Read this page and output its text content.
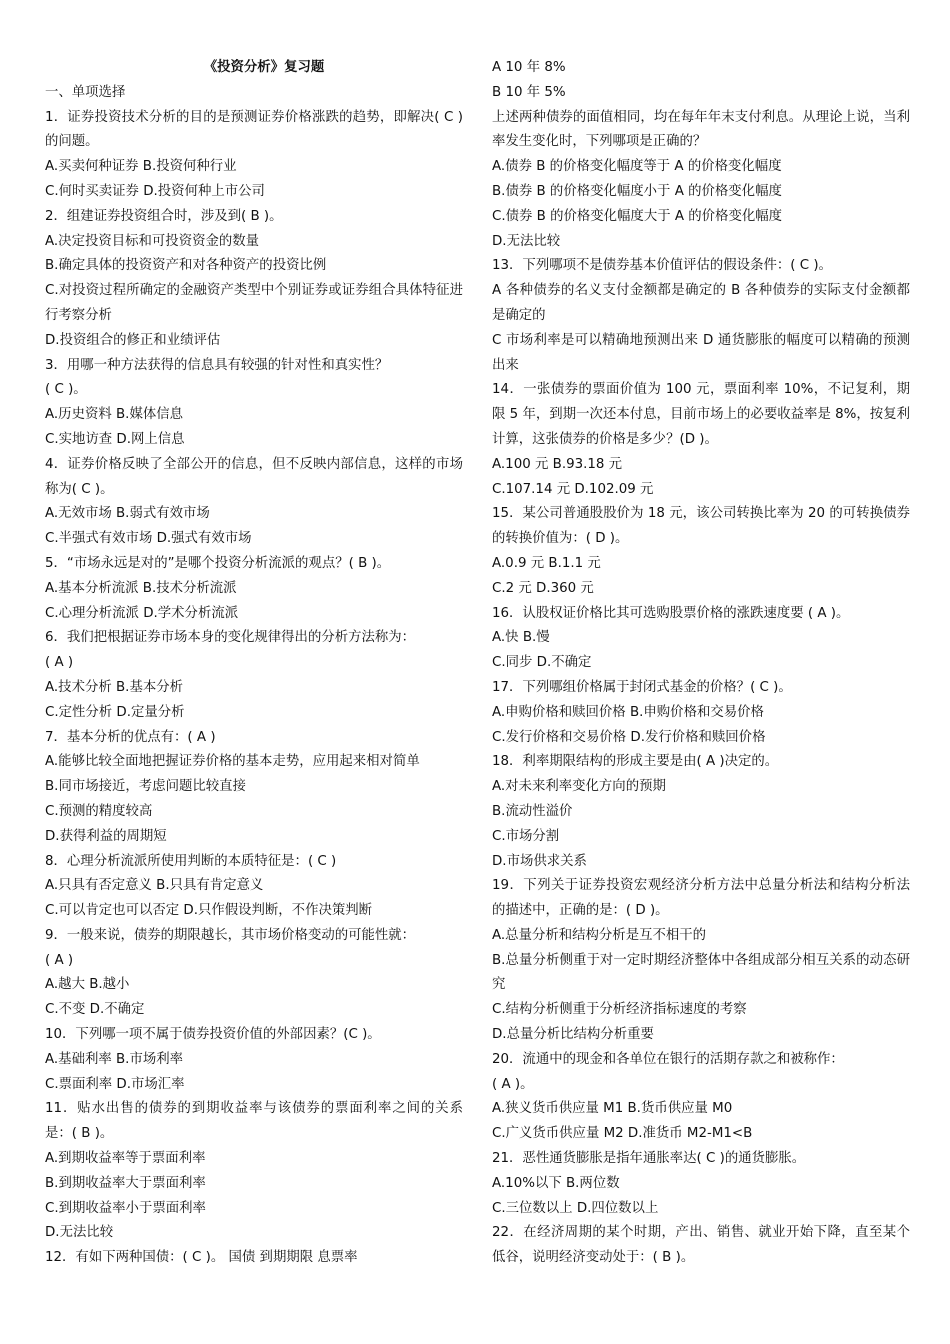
《投资分析》复习题

一、单项选择

1．证券投资技术分析的目的是预测证券价格涨跌的趋势，即解决( C )的问题。

A.买卖何种证券 B.投资何种行业

C.何时买卖证券 D.投资何种上市公司

2．组建证券投资组合时，涉及到( B )。

A.决定投资目标和可投资资金的数量

B.确定具体的投资资产和对各种资产的投资比例

C.对投资过程所确定的金融资产类型中个别证券或证券组合具体特征进行考察分析

D.投资组合的修正和业绩评估

3．用哪一种方法获得的信息具有较强的针对性和真实性？

( C )。

A.历史资料 B.媒体信息

C.实地访查 D.网上信息

4．证券价格反映了全部公开的信息，但不反映内部信息，这样的市场称为( C )。

A.无效市场 B.弱式有效市场

C.半强式有效市场 D.强式有效市场

5．“市场永远是对的”是哪个投资分析流派的观点？( B )。

A.基本分析流派 B.技术分析流派

C.心理分析流派 D.学术分析流派

6．我们把根据证券市场本身的变化规律得出的分析方法称为：

( A )

A.技术分析 B.基本分析

C.定性分析 D.定量分析

7．基本分析的优点有：( A )

A.能够比较全面地把握证券价格的基本走势，应用起来相对简单

B.同市场接近，考虑问题比较直接

C.预测的精度较高

D.获得利益的周期短

8．心理分析流派所使用判断的本质特征是：( C )

A.只具有否定意义 B.只具有肯定意义

C.可以肯定也可以否定 D.只作假设判断，不作决策判断

9．一般来说，债券的期限越长，其市场价格变动的可能性就：

( A )

A.越大 B.越小

C.不变 D.不确定

10．下列哪一项不属于债券投资价值的外部因素？(C )。

A.基础利率 B.市场利率

C.票面利率 D.市场汇率

11．贴水出售的债券的到期收益率与该债券的票面利率之间的关系是：( B )。

A.到期收益率等于票面利率

B.到期收益率大于票面利率

C.到期收益率小于票面利率

D.无法比较

12．有如下两种国债：( C )。 国债 到期期限 息票率

A 10 年 8%

B 10 年 5%

上述两种债券的面值相同，均在每年年末支付利息。从理论上说，当利率发生变化时，下列哪项是正确的？

A.债券 B 的价格变化幅度等于 A 的价格变化幅度

B.债券 B 的价格变化幅度小于 A 的价格变化幅度

C.债券 B 的价格变化幅度大于 A 的价格变化幅度

D.无法比较

13．下列哪项不是债券基本价值评估的假设条件：( C )。

A 各种债券的名义支付金额都是确定的 B 各种债券的实际支付金额都是确定的

C 市场利率是可以精确地预测出来 D 通货膨胀的幅度可以精确的预测出来

14．一张债券的票面价值为 100 元，票面利率 10%，不记复利，期限 5 年，到期一次还本付息，目前市场上的必要收益率是 8%，按复利计算，这张债券的价格是多少？(D )。

A.100 元 B.93.18 元

C.107.14 元 D.102.09 元

15．某公司普通股股价为 18 元，该公司转换比率为 20 的可转换债券的转换价值为：( D )。

A.0.9 元 B.1.1 元

C.2 元 D.360 元

16．认股权证价格比其可选购股票价格的涨跌速度要 ( A )。

A.快 B.慢

C.同步 D.不确定

17．下列哪组价格属于封闭式基金的价格？( C )。

A.申购价格和赎回价格 B.申购价格和交易价格

C.发行价格和交易价格 D.发行价格和赎回价格

18．利率期限结构的形成主要是由( A )决定的。

A.对未来利率变化方向的预期

B.流动性溢价

C.市场分割

D.市场供求关系

19．下列关于证券投资宏观经济分析方法中总量分析法和结构分析法的描述中，正确的是：( D )。

A.总量分析和结构分析是互不相干的

B.总量分析侧重于对一定时期经济整体中各组成部分相互关系的动态研究

C.结构分析侧重于分析经济指标速度的考察

D.总量分析比结构分析重要

20．流通中的现金和各单位在银行的活期存款之和被称作：

( A )。

A.狭义货币供应量 M1 B.货币供应量 M0

C.广义货币供应量 M2 D.准货币 M2-M1<B

21．恶性通货膨胀是指年通胀率达( C )的通货膨胀。

A.10%以下 B.两位数

C.三位数以上 D.四位数以上

22．在经济周期的某个时期，产出、销售、就业开始下降，直至某个低谷，说明经济变动处于：( B )。
